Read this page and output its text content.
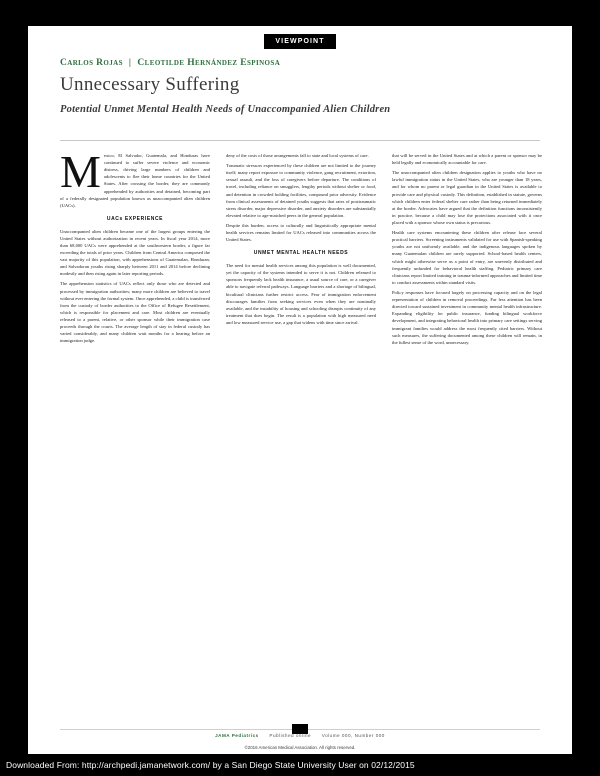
VIEWPOINT
Carlos Rojas | Cleotilde Hernández Espinosa
Unnecessary Suffering
Potential Unmet Mental Health Needs of Unaccompanied Alien Children

Mexico, El Salvador, Guatemala, and Honduras have continued to suffer severe violence and economic distress, driving large numbers of children and adolescents to flee their home countries for the United States. After crossing the border, they are commonly apprehended by authorities and detained, becoming part of a federally designated population known as unaccompanied alien children (UACs).

UACs EXPERIENCE

Unaccompanied alien children became one of the largest groups entering the United States without authorization in recent years. In fiscal year 2014, more than 68,000 UACs were apprehended at the southwestern border, a figure far exceeding the totals of prior years. Children from Central America composed the vast majority of this population, with apprehensions of Guatemalan, Honduran, and Salvadoran youths rising sharply between 2011 and 2014 before declining modestly and then rising again in later reporting periods.

The apprehension statistics of UACs reflect only those who are detected and processed by immigration authorities; many more children are believed to travel without ever entering the formal system. Once apprehended, a child is transferred from the custody of border authorities to the Office of Refugee Resettlement, which is responsible for placement and care. Most children are eventually released to a parent, relative, or other sponsor while their immigration case proceeds through the courts. The average length of stay in federal custody has varied considerably, and many children wait months for a hearing before an immigration judge.

deny of the costs of those arrangements fall to state and local systems of care.

Traumatic stressors experienced by these children are not limited to the journey itself; many report exposure to community violence, gang recruitment, extortion, sexual assault, and the loss of caregivers before departure. The conditions of travel, including reliance on smugglers, lengthy periods without shelter or food, and detention in crowded holding facilities, compound prior adversity. Evidence from clinical assessments of detained youths suggests that rates of posttraumatic stress disorder, major depressive disorder, and anxiety disorders are substantially elevated relative to age-matched peers in the general population.

Despite this burden, access to culturally and linguistically appropriate mental health services remains limited for UACs released into communities across the United States.

UNMET MENTAL HEALTH NEEDS

The need for mental health services among this population is well documented, yet the capacity of the systems intended to serve it is not. Children released to sponsors frequently lack health insurance, a usual source of care, or a caregiver able to navigate referral pathways. Language barriers and a shortage of bilingual, bicultural clinicians further restrict access. Fear of immigration enforcement discourages families from seeking services even when they are nominally available, and the instability of housing and schooling disrupts continuity of any treatment that does begin. The result is a population with high measured need and low measured service use, a gap that widens with time since arrival.

that will be served in the United States and at which a parent or sponsor may be held legally and economically accountable for care.

The unaccompanied alien children designation applies to youths who have no lawful immigration status in the United States, who are younger than 18 years, and for whom no parent or legal guardian in the United States is available to provide care and physical custody. This definition, established in statute, governs which children enter federal shelter care rather than being returned immediately at the border. Advocates have argued that the definition functions inconsistently in practice, because a child may lose the protections associated with it once placed with a sponsor whose own status is precarious.

Health care systems encountering these children after release face several practical barriers. Screening instruments validated for use with Spanish-speaking youths are not uniformly available, and the indigenous languages spoken by many Guatemalan children are rarely supported. School-based health centers, which might otherwise serve as a point of entry, are unevenly distributed and frequently unfunded for behavioral health staffing. Pediatric primary care clinicians report limited training in trauma-informed approaches and limited time to conduct assessments within standard visits.

Policy responses have focused largely on processing capacity and on the legal representation of children in removal proceedings. Far less attention has been directed toward sustained investment in community mental health infrastructure. Expanding eligibility for public insurance, funding bilingual workforce development, and integrating behavioral health into primary care settings serving immigrant families would address the most frequently cited barriers. Without such measures, the suffering documented among these children will remain, in the fullest sense of the word, unnecessary.

JAMA Pediatrics Published online Volume 000, Number 000
©2016 American Medical Association. All rights reserved.
Downloaded From: http://archpedi.jamanetwork.com/ by a San Diego State University User on 02/12/2015
